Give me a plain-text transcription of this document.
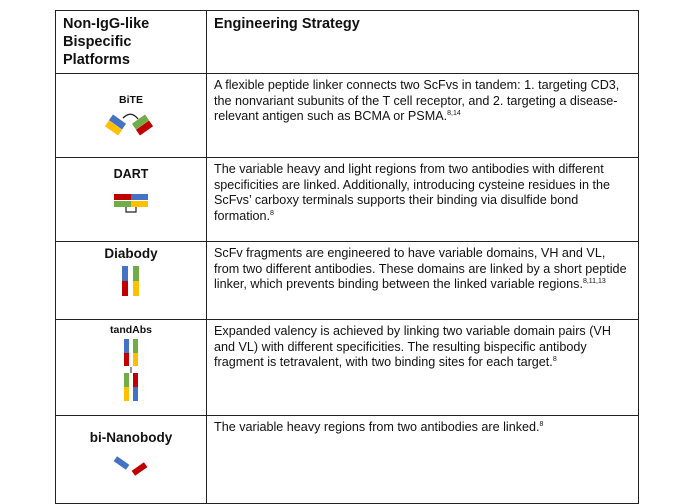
Non-IgG-like
Bispecific Platforms	Engineering Strategy

BiTE	A flexible peptide linker connects two ScFvs in tandem: 1. targeting CD3, the nonvariant subunits of the T cell receptor, and 2. targeting a disease-relevant antigen such as BCMA or PSMA.$^{8,14}$

DART	The variable heavy and light regions from two antibodies with different specificities are linked. Additionally, introducing cysteine residues in the ScFvs’ carboxy terminals supports their binding via disulfide bond formation.$^8$

Diabody	ScFv fragments are engineered to have variable domains, VH and VL, from two different antibodies. These domains are linked by a short peptide linker, which prevents binding between the linked variable regions.$^{8,11,13}$

tandAbs	Expanded valency is achieved by linking two variable domain pairs (VH and VL) with different specificities. The resulting bispecific antibody fragment is tetravalent, with two binding sites for each target.$^8$

bi-Nanobody	The variable heavy regions from two antibodies are linked.$^8$
